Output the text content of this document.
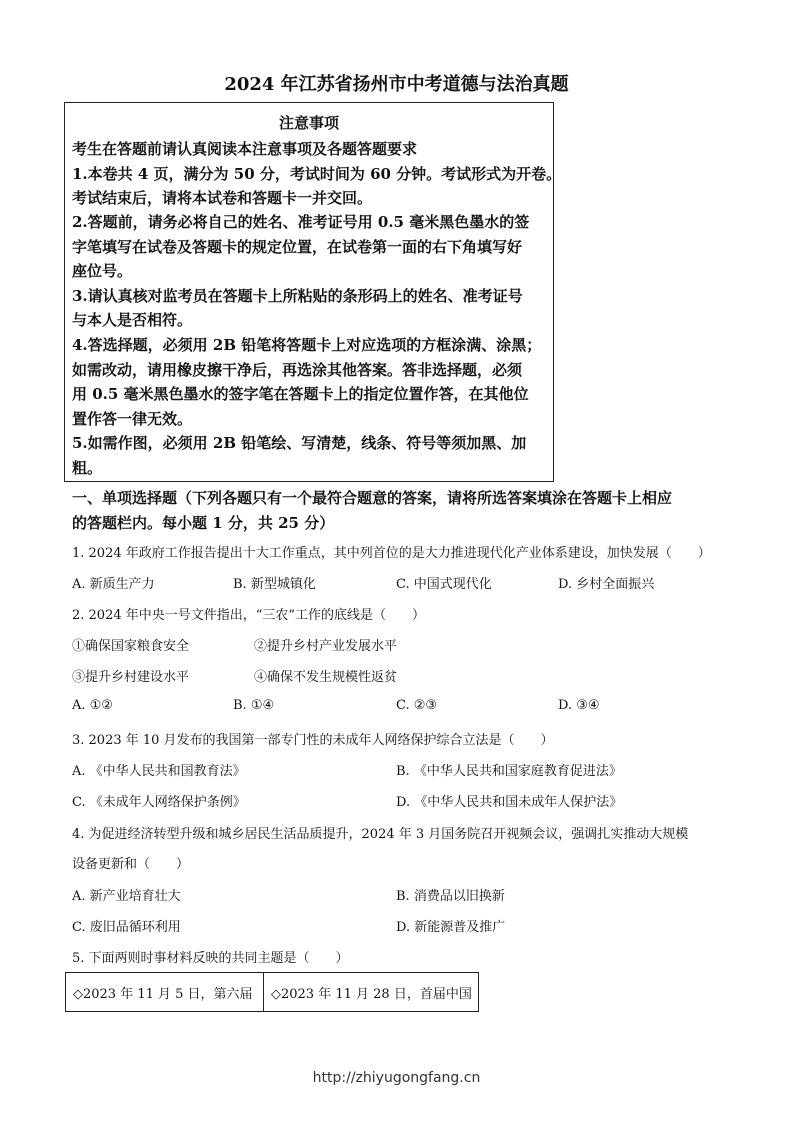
2024 年江苏省扬州市中考道德与法治真题
注意事项
考生在答题前请认真阅读本注意事项及各题答题要求
1.本卷共 4 页，满分为 50 分，考试时间为 60 分钟。考试形式为开卷。
考试结束后，请将本试卷和答题卡一并交回。
2.答题前，请务必将自己的姓名、准考证号用 0.5 毫米黑色墨水的签
字笔填写在试卷及答题卡的规定位置，在试卷第一面的右下角填写好
座位号。
3.请认真核对监考员在答题卡上所粘贴的条形码上的姓名、准考证号
与本人是否相符。
4.答选择题，必须用 2B 铅笔将答题卡上对应选项的方框涂满、涂黑；
如需改动，请用橡皮擦干净后，再选涂其他答案。答非选择题，必须
用 0.5 毫米黑色墨水的签字笔在答题卡上的指定位置作答，在其他位
置作答一律无效。
5.如需作图，必须用 2B 铅笔绘、写清楚，线条、符号等须加黑、加
粗。
一、单项选择题（下列各题只有一个最符合题意的答案，请将所选答案填涂在答题卡上相应
的答题栏内。每小题 1 分，共 25 分）
1. 2024 年政府工作报告提出十大工作重点，其中列首位的是大力推进现代化产业体系建设，加快发展（　　）
A. 新质生产力	B. 新型城镇化	C. 中国式现代化	D. 乡村全面振兴
2. 2024 年中央一号文件指出，“三农”工作的底线是（　　）
①确保国家粮食安全	②提升乡村产业发展水平
③提升乡村建设水平	④确保不发生规模性返贫
A. ①②	B. ①④	C. ②③	D. ③④
3. 2023 年 10 月发布的我国第一部专门性的未成年人网络保护综合立法是（　　）
A. 《中华人民共和国教育法》	B. 《中华人民共和国家庭教育促进法》
C. 《未成年人网络保护条例》	D. 《中华人民共和国未成年人保护法》
4. 为促进经济转型升级和城乡居民生活品质提升，2024 年 3 月国务院召开视频会议，强调扎实推动大规模
设备更新和（　　）
A. 新产业培育壮大	B. 消费品以旧换新
C. 废旧品循环利用	D. 新能源普及推广
5. 下面两则时事材料反映的共同主题是（　　）
◇2023 年 11 月 5 日，第六届	◇2023 年 11 月 28 日，首届中国
http://zhiyugongfang.cn
